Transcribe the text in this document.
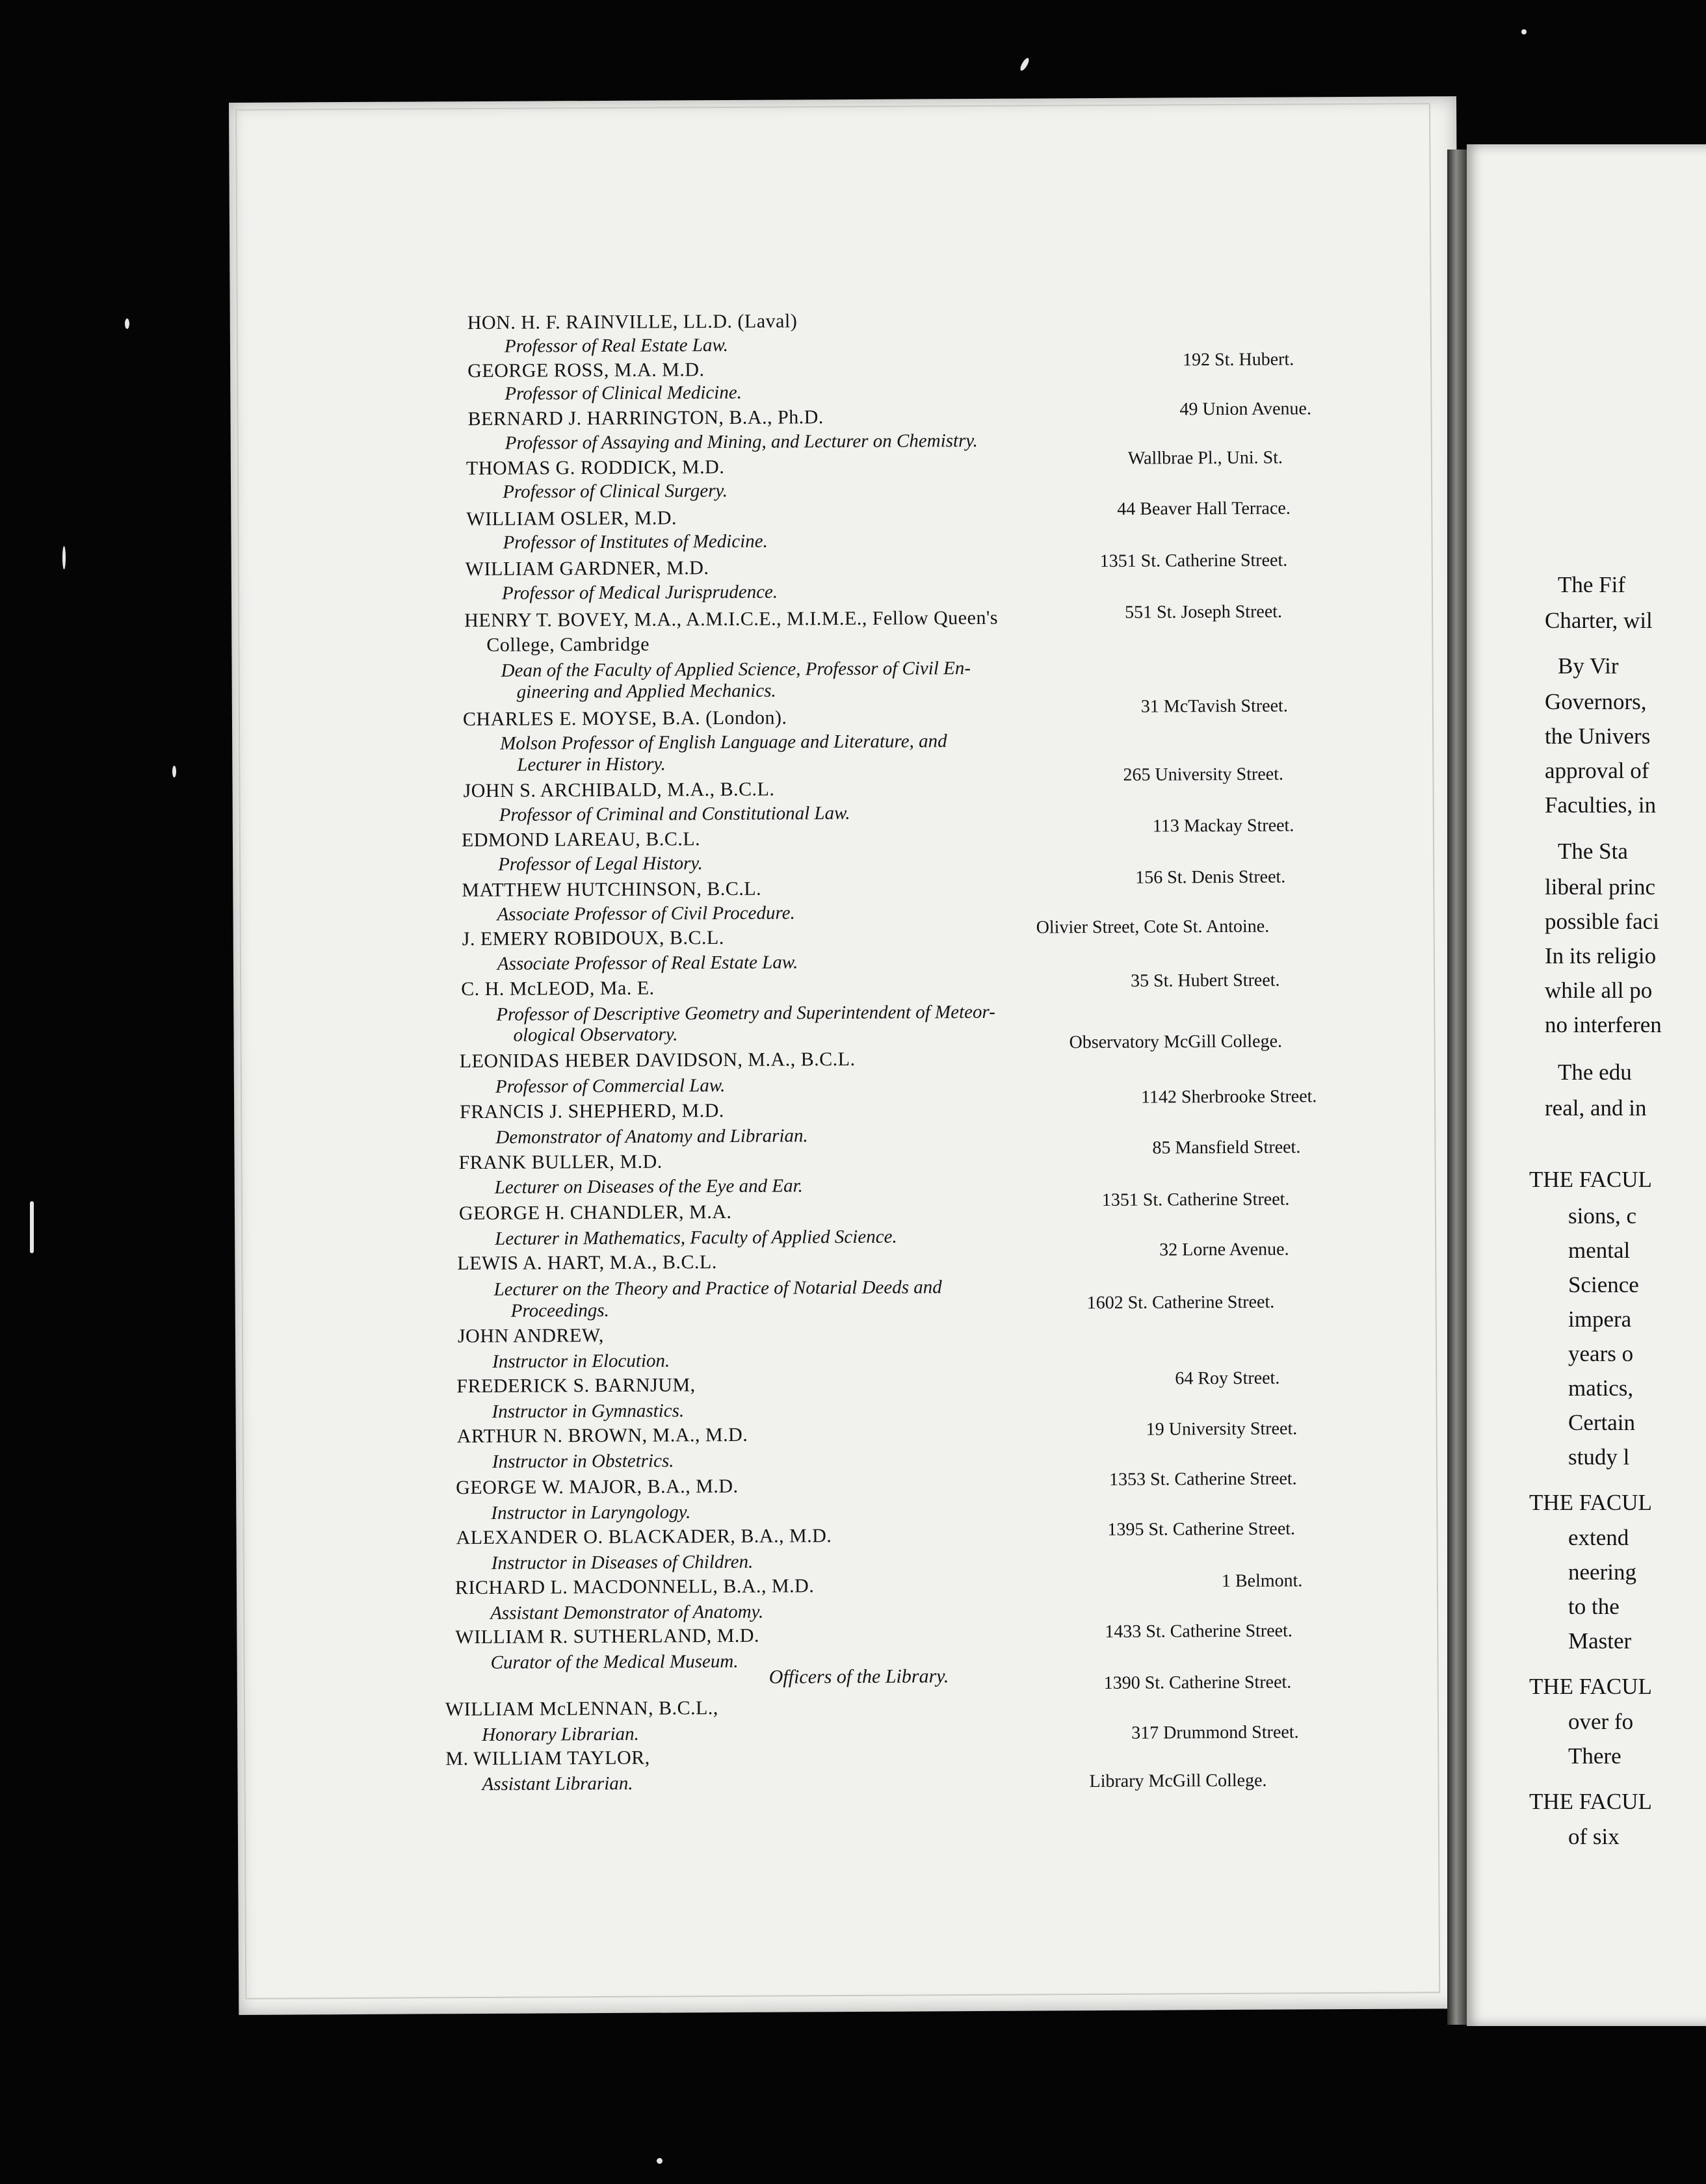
HON. H. F. RAINVILLE, LL.D. (Laval)
Professor of Real Estate Law.
192 St. Hubert.
GEORGE ROSS, M.A. M.D.
Professor of Clinical Medicine.
49 Union Avenue.
BERNARD J. HARRINGTON, B.A., Ph.D.
Professor of Assaying and Mining, and Lecturer on Chemistry.
Wallbrae Pl., Uni. St.
THOMAS G. RODDICK, M.D.
Professor of Clinical Surgery.
44 Beaver Hall Terrace.
WILLIAM OSLER, M.D.
Professor of Institutes of Medicine.
1351 St. Catherine Street.
WILLIAM GARDNER, M.D.
Professor of Medical Jurisprudence.
551 St. Joseph Street.
HENRY T. BOVEY, M.A., A.M.I.C.E., M.I.M.E., Fellow Queen's
College, Cambridge
Dean of the Faculty of Applied Science, Professor of Civil En-
gineering and Applied Mechanics.
31 McTavish Street.
CHARLES E. MOYSE, B.A. (London).
Molson Professor of English Language and Literature, and
Lecturer in History.	265 University Street.
JOHN S. ARCHIBALD, M.A., B.C.L.
Professor of Criminal and Constitutional Law.
113 Mackay Street.
EDMOND LAREAU, B.C.L.
Professor of Legal History.
156 St. Denis Street.
MATTHEW HUTCHINSON, B.C.L.
Associate Professor of Civil Procedure.
Olivier Street, Cote St. Antoine.
J. EMERY ROBIDOUX, B.C.L.
Associate Professor of Real Estate Law.
35 St. Hubert Street.
C. H. McLEOD, Ma. E.
Professor of Descriptive Geometry and Superintendent of Meteor-
ological Observatory.	Observatory McGill College.
LEONIDAS HEBER DAVIDSON, M.A., B.C.L.
Professor of Commercial Law.	1142 Sherbrooke Street.
FRANCIS J. SHEPHERD, M.D.
Demonstrator of Anatomy and Librarian.	85 Mansfield Street.
FRANK BULLER, M.D.
Lecturer on Diseases of the Eye and Ear.
1351 St. Catherine Street.
GEORGE H. CHANDLER, M.A.
Lecturer in Mathematics, Faculty of Applied Science.
32 Lorne Avenue.
LEWIS A. HART, M.A., B.C.L.
Lecturer on the Theory and Practice of Notarial Deeds and
Proceedings.	1602 St. Catherine Street.
JOHN ANDREW,
Instructor in Elocution.
64 Roy Street.
FREDERICK S. BARNJUM,
Instructor in Gymnastics.
19 University Street.
ARTHUR N. BROWN, M.A., M.D.
Instructor in Obstetrics.
1353 St. Catherine Street.
GEORGE W. MAJOR, B.A., M.D.
Instructor in Laryngology.
1395 St. Catherine Street.
ALEXANDER O. BLACKADER, B.A., M.D.
Instructor in Diseases of Children.
1 Belmont.
RICHARD L. MACDONNELL, B.A., M.D.
Assistant Demonstrator of Anatomy.
1433 St. Catherine Street.
WILLIAM R. SUTHERLAND, M.D.
Curator of the Medical Museum.
1390 St. Catherine Street.
Officers of the Library.
WILLIAM McLENNAN, B.C.L.,
Honorary Librarian.	317 Drummond Street.
M. WILLIAM TAYLOR,
Assistant Librarian.	Library McGill College.
The Fif
Charter, wil
By Vir
Governors,
the Univers
approval of
Faculties, in
The Sta
liberal princ
possible faci
In its religio
while all po
no interferen
The edu
real, and in
THE FACUL
sions, c
mental
Science
impera
years o
matics,
Certain
study l
THE FACUL
extend
neering
to the
Master
THE FACUL
over fo
There
THE FACUL
of six
